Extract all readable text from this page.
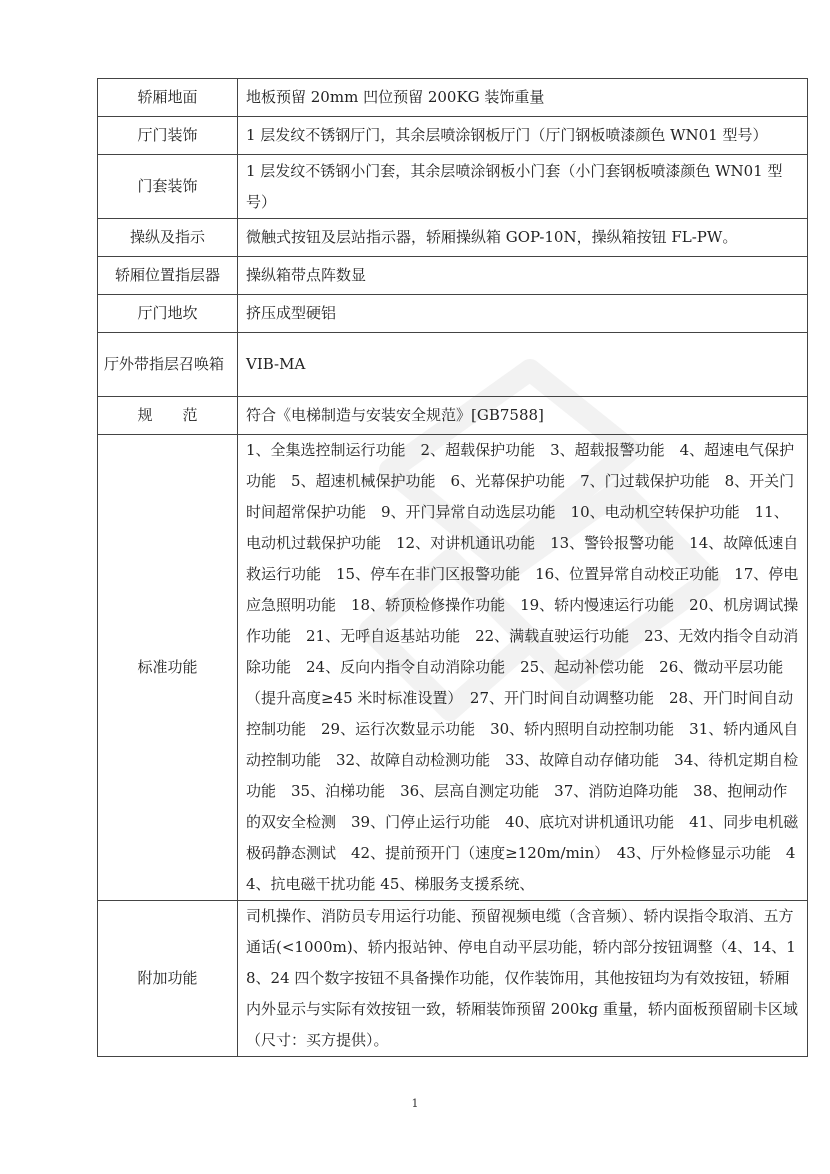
轿厢地面	地板预留 20mm 凹位预留 200KG 装饰重量
厅门装饰	1 层发纹不锈钢厅门，其余层喷涂钢板厅门（厅门钢板喷漆颜色 WN01 型号）
门套装饰	1 层发纹不锈钢小门套，其余层喷涂钢板小门套（小门套钢板喷漆颜色 WN01 型号）
操纵及指示	微触式按钮及层站指示器，轿厢操纵箱 GOP-10N，操纵箱按钮 FL-PW。
轿厢位置指层器	操纵箱带点阵数显
厅门地坎	挤压成型硬铝
厅外带指层召唤箱	VIB-MA
规　　范	符合《电梯制造与安装安全规范》[GB7588]
标准功能	1、全集选控制运行功能　2、超载保护功能　3、超载报警功能　4、超速电气保护功能　5、超速机械保护功能　6、光幕保护功能　7、门过载保护功能　8、开关门时间超常保护功能　9、开门异常自动选层功能　10、电动机空转保护功能　11、电动机过载保护功能　12、对讲机通讯功能　13、警铃报警功能　14、故障低速自救运行功能　15、停车在非门区报警功能　16、位置异常自动校正功能　17、停电应急照明功能　18、轿顶检修操作功能　19、轿内慢速运行功能　20、机房调试操作功能　21、无呼自返基站功能　22、满载直驶运行功能　23、无效内指令自动消除功能　24、反向内指令自动消除功能　25、起动补偿功能　26、微动平层功能（提升高度≥45 米时标准设置）　27、开门时间自动调整功能　28、开门时间自动控制功能　29、运行次数显示功能　30、轿内照明自动控制功能　31、轿内通风自动控制功能　32、故障自动检测功能　33、故障自动存储功能　34、待机定期自检功能　35、泊梯功能　36、层高自测定功能　37、消防迫降功能　38、抱闸动作的双安全检测　39、门停止运行功能　40、底坑对讲机通讯功能　41、同步电机磁极码静态测试　42、提前预开门（速度≥120m/min）　43、厅外检修显示功能　44、抗电磁干扰功能 45、梯服务支援系统、
附加功能	司机操作、消防员专用运行功能、预留视频电缆（含音频）、轿内误指令取消、五方通话(<1000m)、轿内报站钟、停电自动平层功能，轿内部分按钮调整（4、14、18、24 四个数字按钮不具备操作功能，仅作装饰用，其他按钮均为有效按钮，轿厢内外显示与实际有效按钮一致，轿厢装饰预留 200kg 重量，轿内面板预留刷卡区域（尺寸：买方提供）。
1
